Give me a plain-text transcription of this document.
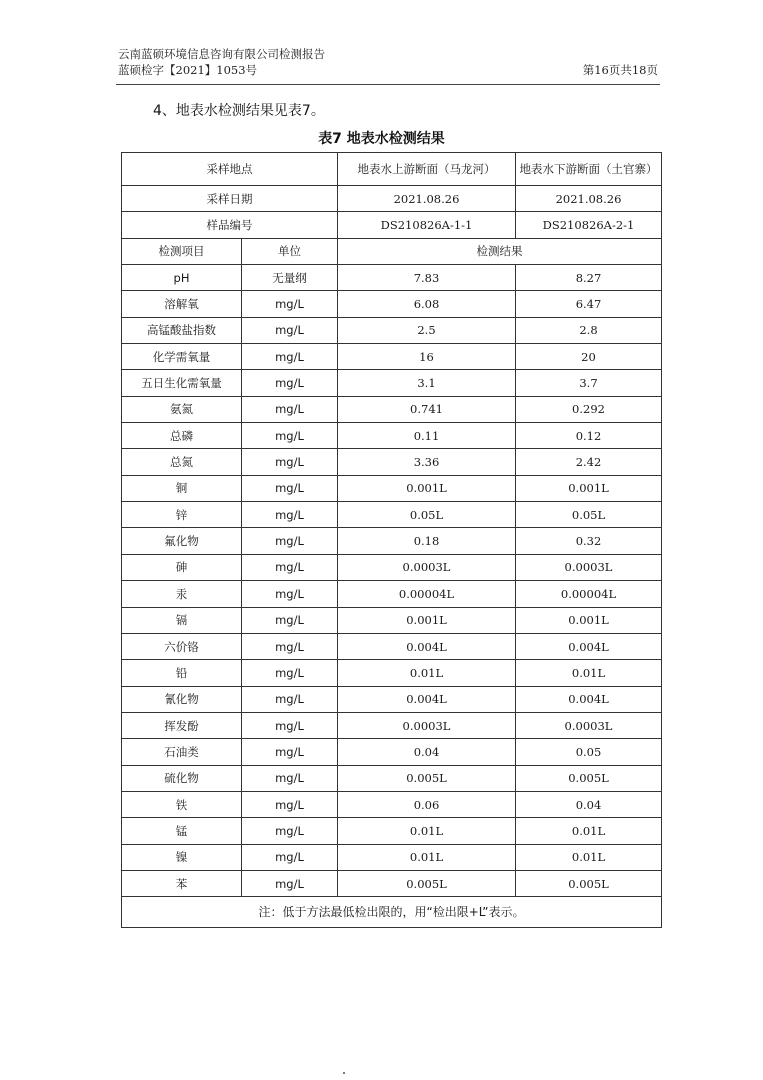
云南蓝硕环境信息咨询有限公司检测报告
蓝硕检字【2021】1053号	第16页共18页
4、地表水检测结果见表7。
表7 地表水检测结果
采样地点		地表水上游断面（马龙河）	地表水下游断面（土官寨）
采样日期		2021.08.26	2021.08.26
样品编号		DS210826A-1-1	DS210826A-2-1
检测项目	单位	检测结果	
pH	无量纲	7.83	8.27
溶解氧	mg/L	6.08	6.47
高锰酸盐指数	mg/L	2.5	2.8
化学需氧量	mg/L	16	20
五日生化需氧量	mg/L	3.1	3.7
氨氮	mg/L	0.741	0.292
总磷	mg/L	0.11	0.12
总氮	mg/L	3.36	2.42
铜	mg/L	0.001L	0.001L
锌	mg/L	0.05L	0.05L
氟化物	mg/L	0.18	0.32
砷	mg/L	0.0003L	0.0003L
汞	mg/L	0.00004L	0.00004L
镉	mg/L	0.001L	0.001L
六价铬	mg/L	0.004L	0.004L
铅	mg/L	0.01L	0.01L
氰化物	mg/L	0.004L	0.004L
挥发酚	mg/L	0.0003L	0.0003L
石油类	mg/L	0.04	0.05
硫化物	mg/L	0.005L	0.005L
铁	mg/L	0.06	0.04
锰	mg/L	0.01L	0.01L
镍	mg/L	0.01L	0.01L
苯	mg/L	0.005L	0.005L
注：低于方法最低检出限的，用“检出限+L”表示。			
